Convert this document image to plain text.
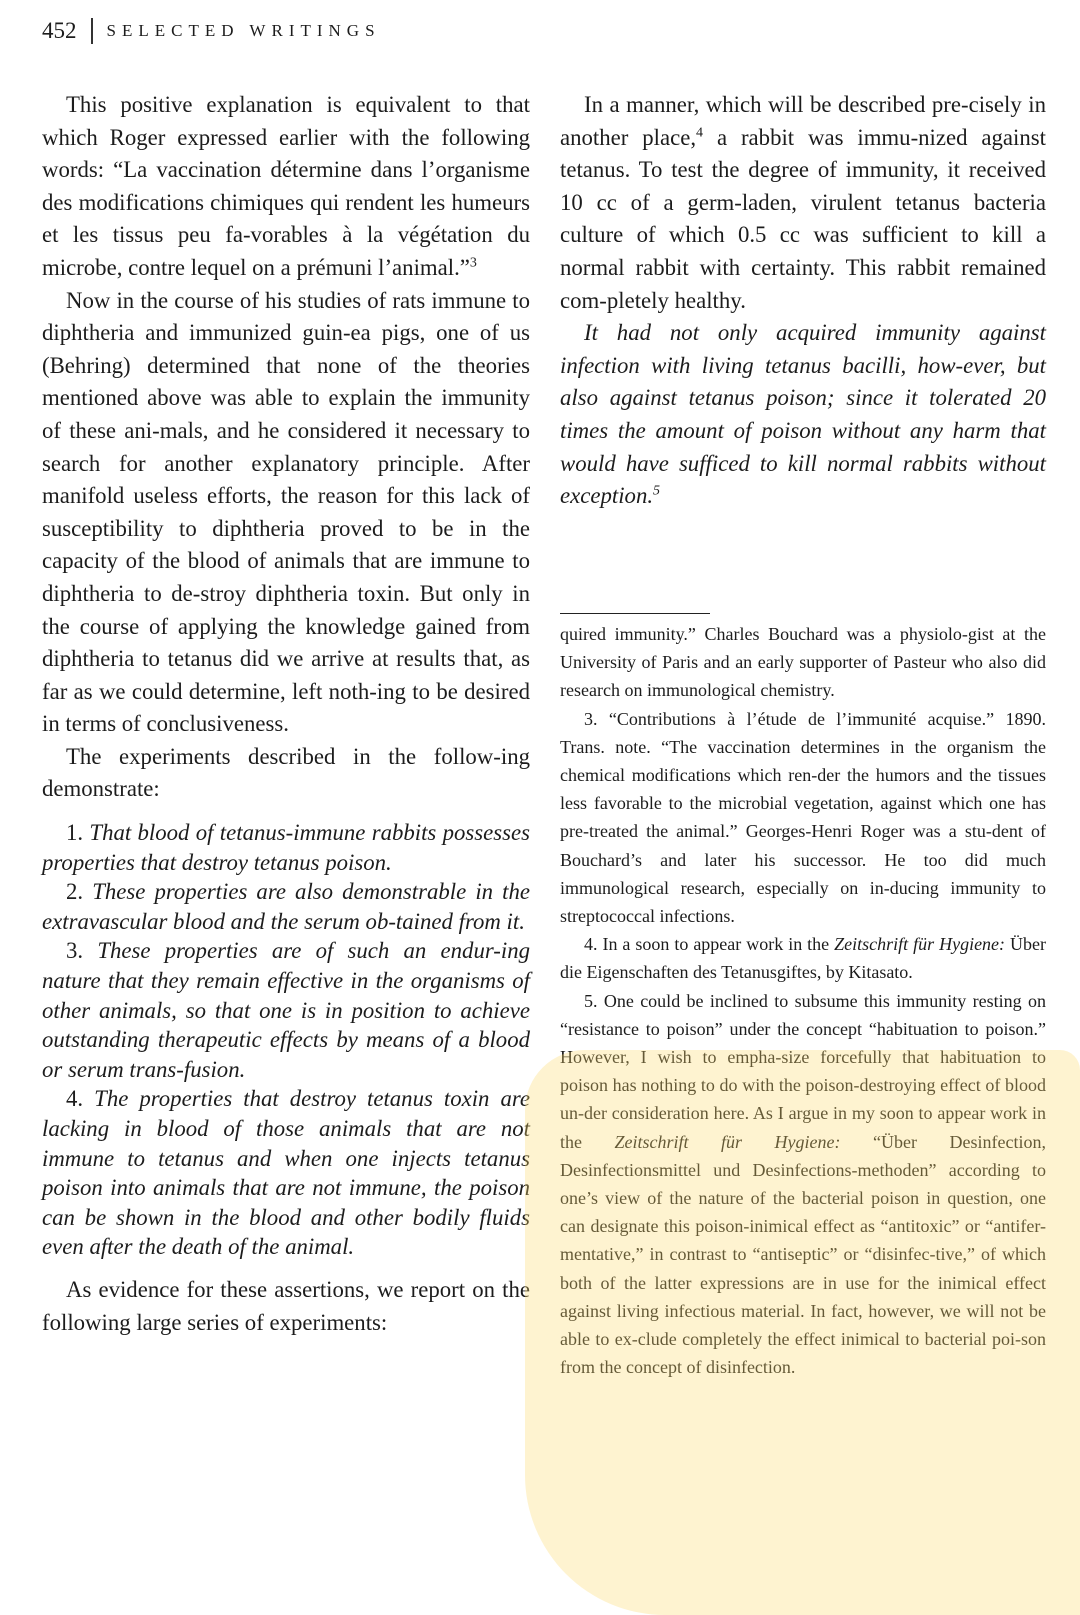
452 SELECTED WRITINGS

This positive explanation is equivalent to that which Roger expressed earlier with the following words: “La vaccination détermine dans l’organisme des modifications chimiques qui rendent les humeurs et les tissus peu fa-vorables à la végétation du microbe, contre lequel on a prémuni l’animal.”$^3$

Now in the course of his studies of rats immune to diphtheria and immunized guin-ea pigs, one of us (Behring) determined that none of the theories mentioned above was able to explain the immunity of these ani-mals, and he considered it necessary to search for another explanatory principle. After manifold useless efforts, the reason for this lack of susceptibility to diphtheria proved to be in the capacity of the blood of animals that are immune to diphtheria to de-stroy diphtheria toxin. But only in the course of applying the knowledge gained from diphtheria to tetanus did we arrive at results that, as far as we could determine, left noth-ing to be desired in terms of conclusiveness.

The experiments described in the follow-ing demonstrate:

1. That blood of tetanus-immune rabbits possesses properties that destroy tetanus poison.

2. These properties are also demonstrable in the extravascular blood and the serum ob-tained from it.

3. These properties are of such an endur-ing nature that they remain effective in the organisms of other animals, so that one is in position to achieve outstanding therapeutic effects by means of a blood or serum trans-fusion.

4. The properties that destroy tetanus toxin are lacking in blood of those animals that are not immune to tetanus and when one injects tetanus poison into animals that are not immune, the poison can be shown in the blood and other bodily fluids even after the death of the animal.

As evidence for these assertions, we report on the following large series of experiments:

In a manner, which will be described pre-cisely in another place,$^4$ a rabbit was immu-nized against tetanus. To test the degree of immunity, it received 10 cc of a germ-laden, virulent tetanus bacteria culture of which 0.5 cc was sufficient to kill a normal rabbit with certainty. This rabbit remained com-pletely healthy.

It had not only acquired immunity against infection with living tetanus bacilli, how-ever, but also against tetanus poison; since it tolerated 20 times the amount of poison without any harm that would have sufficed to kill normal rabbits without exception.$^5$

quired immunity.” Charles Bouchard was a physiolo-gist at the University of Paris and an early supporter of Pasteur who also did research on immunological chemistry.

3. “Contributions à l’étude de l’immunité acquise.” 1890. Trans. note. “The vaccination determines in the organism the chemical modifications which ren-der the humors and the tissues less favorable to the microbial vegetation, against which one has pre-treated the animal.” Georges-Henri Roger was a stu-dent of Bouchard’s and later his successor. He too did much immunological research, especially on in-ducing immunity to streptococcal infections.

4. In a soon to appear work in the Zeitschrift für Hygiene: Über die Eigenschaften des Tetanusgiftes, by Kitasato.

5. One could be inclined to subsume this immunity resting on “resistance to poison” under the concept “habituation to poison.” However, I wish to empha-size forcefully that habituation to poison has nothing to do with the poison-destroying effect of blood un-der consideration here. As I argue in my soon to appear work in the Zeitschrift für Hygiene: “Über Desinfection, Desinfectionsmittel und Desinfections-methoden” according to one’s view of the nature of the bacterial poison in question, one can designate this poison-inimical effect as “antitoxic” or “antifer-mentative,” in contrast to “antiseptic” or “disinfec-tive,” of which both of the latter expressions are in use for the inimical effect against living infectious material. In fact, however, we will not be able to ex-clude completely the effect inimical to bacterial poi-son from the concept of disinfection.
